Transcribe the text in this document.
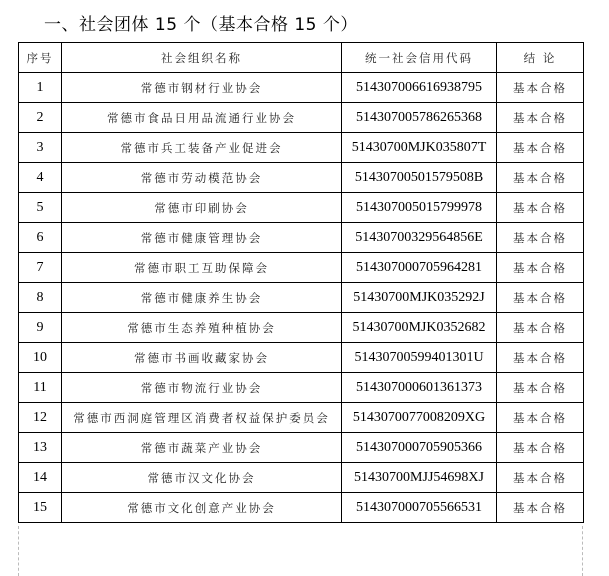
一、社会团体 15 个（基本合格 15 个）
序号	社会组织名称	统一社会信用代码	结 论
1	常德市钢材行业协会	514307006616938795	基本合格
2	常德市食品日用品流通行业协会	514307005786265368	基本合格
3	常德市兵工装备产业促进会	51430700MJK035807T	基本合格
4	常德市劳动模范协会	51430700501579508B	基本合格
5	常德市印刷协会	514307005015799978	基本合格
6	常德市健康管理协会	51430700329564856E	基本合格
7	常德市职工互助保障会	514307000705964281	基本合格
8	常德市健康养生协会	51430700MJK035292J	基本合格
9	常德市生态养殖种植协会	51430700MJK0352682	基本合格
10	常德市书画收藏家协会	51430700599401301U	基本合格
11	常德市物流行业协会	514307000601361373	基本合格
12	常德市西洞庭管理区消费者权益保护委员会	5143070077008209XG	基本合格
13	常德市蔬菜产业协会	514307000705905366	基本合格
14	常德市汉文化协会	51430700MJJ54698XJ	基本合格
15	常德市文化创意产业协会	514307000705566531	基本合格
